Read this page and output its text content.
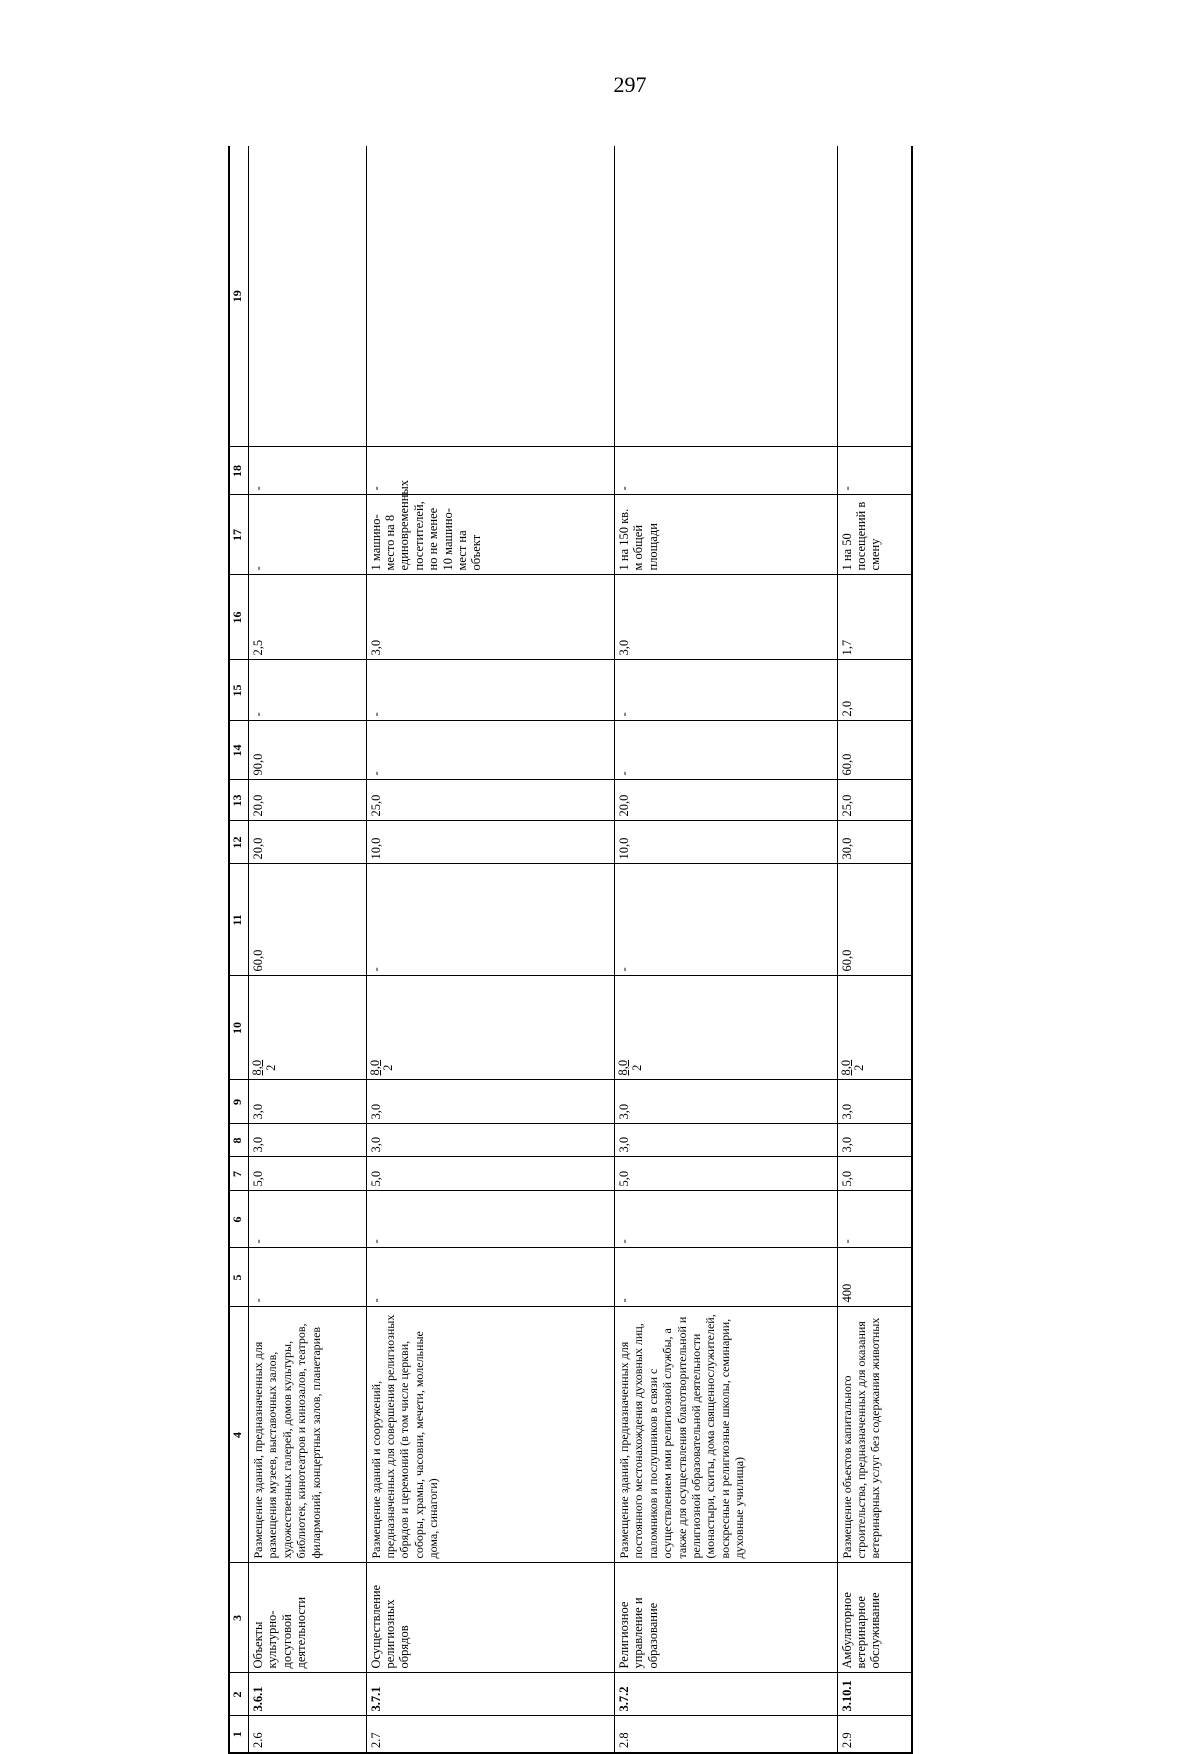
297
1	2	3	4	5	6	7	8	9	10	11	12	13	14	15	16	17	18	19
2.6	3.6.1	Объекты культурно-досуговой деятельности	Размещение зданий, предназначенных для размещения музеев, выставочных залов, художественных галерей, домов культуры, библиотек, кинотеатров и кинозалов, театров, филармоний, концертных залов, планетариев	-	-	5,0	3,0	3,0	8,0 2	60,0	20,0	20,0	90,0	-	2,5	-	-	
2.7	3.7.1	Осуществление религиозных обрядов	Размещение зданий и сооружений, предназначенных для совершения религиозных обрядов и церемоний (в том числе церкви, соборы, храмы, часовни, мечети, молельные дома, синагоги)	-	-	5,0	3,0	3,0	8,0 2	-	10,0	25,0	-	-	3,0	1 машино-место на 8 единовременных посетителей, но не менее 10 машино-мест на объект	-	
2.8	3.7.2	Религиозное управление и образование	Размещение зданий, предназначенных для постоянного местонахождения духовных лиц, паломников и послушников в связи с осуществлением ими религиозной службы, а также для осуществления благотворительной и религиозной образовательной деятельности (монастыри, скиты, дома священнослужителей, воскресные и религиозные школы, семинарии, духовные училища)	-	-	5,0	3,0	3,0	8,0 2	-	10,0	20,0	-	-	3,0	1 на 150 кв. м общей площади	-	
2.9	3.10.1	Амбулаторное ветеринарное обслуживание	Размещение объектов капитального строительства, предназначенных для оказания ветеринарных услуг без содержания животных	400	-	5,0	3,0	3,0	8,0 2	60,0	30,0	25,0	60,0	2,0	1,7	1 на 50 посещений в смену	-	
